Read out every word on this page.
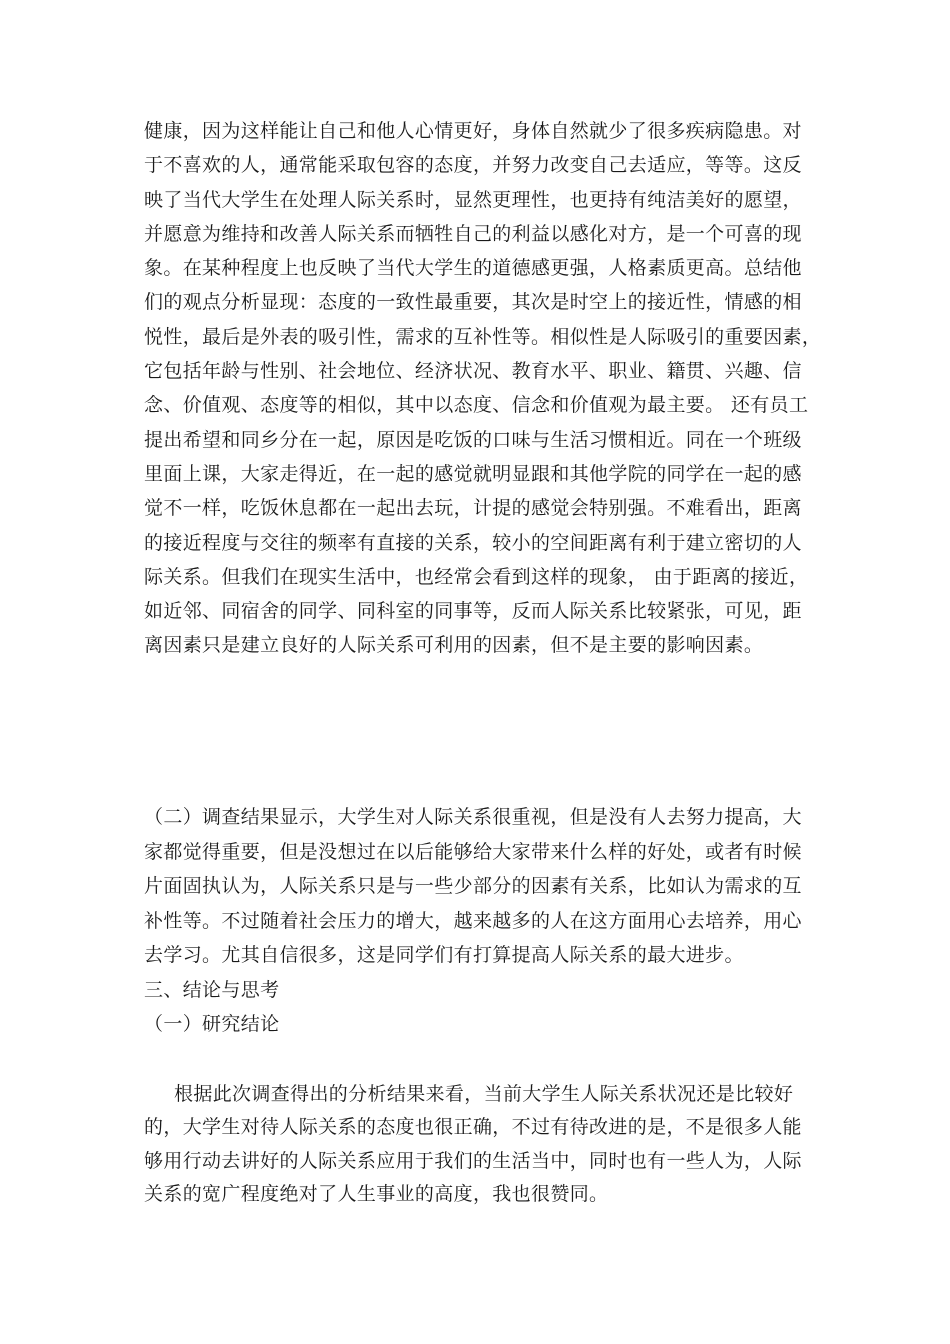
健康，因为这样能让自己和他人心情更好，身体自然就少了很多疾病隐患。对
于不喜欢的人，通常能采取包容的态度，并努力改变自己去适应，等等。这反
映了当代大学生在处理人际关系时，显然更理性，也更持有纯洁美好的愿望，
并愿意为维持和改善人际关系而牺牲自己的利益以感化对方，是一个可喜的现
象。在某种程度上也反映了当代大学生的道德感更强，人格素质更高。总结他
们的观点分析显现：态度的一致性最重要，其次是时空上的接近性，情感的相
悦性，最后是外表的吸引性，需求的互补性等。相似性是人际吸引的重要因素，
它包括年龄与性别、社会地位、经济状况、教育水平、职业、籍贯、兴趣、信
念、价值观、态度等的相似，其中以态度、信念和价值观为最主要。 还有员工
提出希望和同乡分在一起，原因是吃饭的口味与生活习惯相近。同在一个班级
里面上课，大家走得近，在一起的感觉就明显跟和其他学院的同学在一起的感
觉不一样，吃饭休息都在一起出去玩，计提的感觉会特别强。不难看出，距离
的接近程度与交往的频率有直接的关系，较小的空间距离有利于建立密切的人
际关系。但我们在现实生活中，也经常会看到这样的现象， 由于距离的接近，
如近邻、同宿舍的同学、同科室的同事等，反而人际关系比较紧张，可见，距
离因素只是建立良好的人际关系可利用的因素，但不是主要的影响因素。
（二）调查结果显示，大学生对人际关系很重视，但是没有人去努力提高，大
家都觉得重要，但是没想过在以后能够给大家带来什么样的好处，或者有时候
片面固执认为，人际关系只是与一些少部分的因素有关系，比如认为需求的互
补性等。不过随着社会压力的增大，越来越多的人在这方面用心去培养，用心
去学习。尤其自信很多，这是同学们有打算提高人际关系的最大进步。
三、结论与思考
（一）研究结论
根据此次调查得出的分析结果来看，当前大学生人际关系状况还是比较好
的，大学生对待人际关系的态度也很正确，不过有待改进的是，不是很多人能
够用行动去讲好的人际关系应用于我们的生活当中，同时也有一些人为，人际
关系的宽广程度绝对了人生事业的高度，我也很赞同。
